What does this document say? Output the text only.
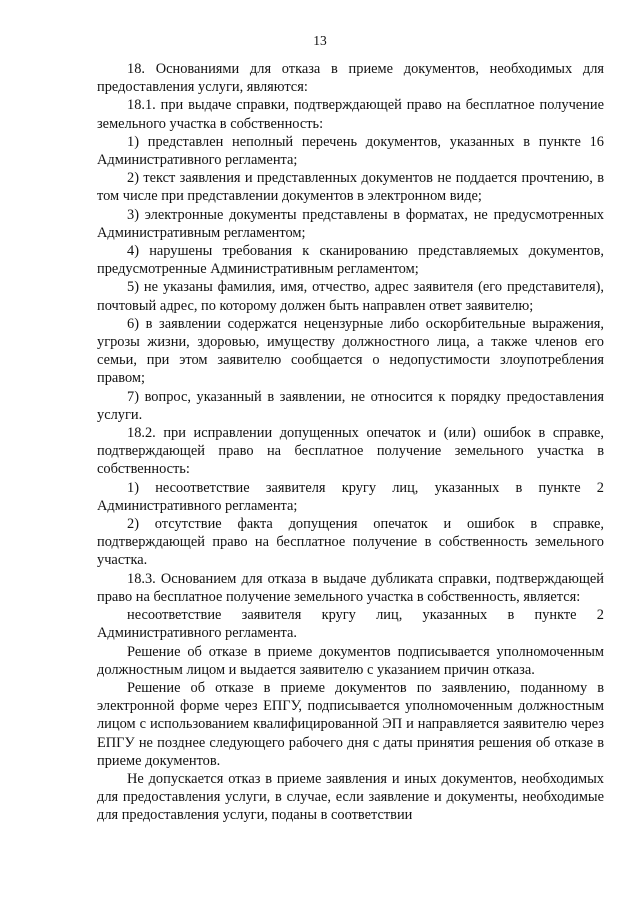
13

18. Основаниями для отказа в приеме документов, необходимых для предоставления услуги, являются:

18.1. при выдаче справки, подтверждающей право на бесплатное получение земельного участка в собственность:

1) представлен неполный перечень документов, указанных в пункте 16 Административного регламента;

2) текст заявления и представленных документов не поддается прочтению, в том числе при представлении документов в электронном виде;

3) электронные документы представлены в форматах, не предусмотренных Административным регламентом;

4) нарушены требования к сканированию представляемых документов, предусмотренные Административным регламентом;

5) не указаны фамилия, имя, отчество, адрес заявителя (его представителя), почтовый адрес, по которому должен быть направлен ответ заявителю;

6) в заявлении содержатся нецензурные либо оскорбительные выражения, угрозы жизни, здоровью, имуществу должностного лица, а также членов его семьи, при этом заявителю сообщается о недопустимости злоупотребления правом;

7) вопрос, указанный в заявлении, не относится к порядку предоставления услуги.

18.2. при исправлении допущенных опечаток и (или) ошибок в справке, подтверждающей право на бесплатное получение земельного участка в собственность:

1) несоответствие заявителя кругу лиц, указанных в пункте 2 Административного регламента;

2) отсутствие факта допущения опечаток и ошибок в справке, подтверждающей право на бесплатное получение в собственность земельного участка.

18.3. Основанием для отказа в выдаче дубликата справки, подтверждающей право на бесплатное получение земельного участка в собственность, является:

несоответствие заявителя кругу лиц, указанных в пункте 2 Административного регламента.

Решение об отказе в приеме документов подписывается уполномоченным должностным лицом и выдается заявителю с указанием причин отказа.

Решение об отказе в приеме документов по заявлению, поданному в электронной форме через ЕПГУ, подписывается уполномоченным должностным лицом с использованием квалифицированной ЭП и направляется заявителю через ЕПГУ не позднее следующего рабочего дня с даты принятия решения об отказе в приеме документов.

Не допускается отказ в приеме заявления и иных документов, необходимых для предоставления услуги, в случае, если заявление и документы, необходимые для предоставления услуги, поданы в соответствии
